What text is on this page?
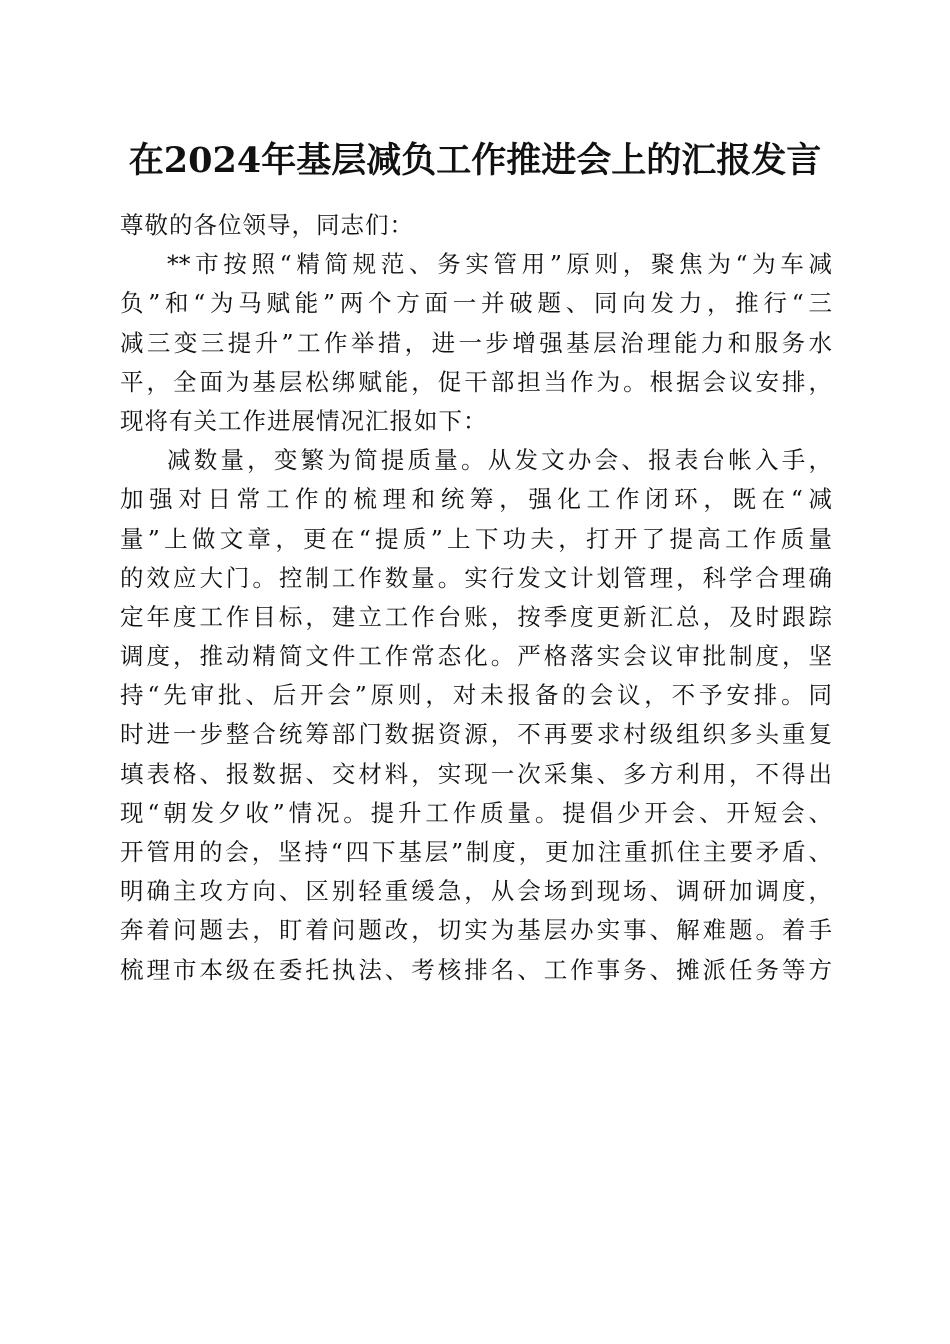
在2024年基层减负工作推进会上的汇报发言
尊敬的各位领导，同志们：
**市按照“精简规范、务实管用”原则，聚焦为“为车减
负”和“为马赋能”两个方面一并破题、同向发力，推行“三
减三变三提升”工作举措，进一步增强基层治理能力和服务水
平，全面为基层松绑赋能，促干部担当作为。根据会议安排，
现将有关工作进展情况汇报如下：
减数量，变繁为简提质量。从发文办会、报表台帐入手，
加强对日常工作的梳理和统筹，强化工作闭环，既在“减
量”上做文章，更在“提质”上下功夫，打开了提高工作质量
的效应大门。控制工作数量。实行发文计划管理，科学合理确
定年度工作目标，建立工作台账，按季度更新汇总，及时跟踪
调度，推动精简文件工作常态化。严格落实会议审批制度，坚
持“先审批、后开会”原则，对未报备的会议，不予安排。同
时进一步整合统筹部门数据资源，不再要求村级组织多头重复
填表格、报数据、交材料，实现一次采集、多方利用，不得出
现“朝发夕收”情况。提升工作质量。提倡少开会、开短会、
开管用的会，坚持“四下基层”制度，更加注重抓住主要矛盾、
明确主攻方向、区别轻重缓急，从会场到现场、调研加调度，
奔着问题去，盯着问题改，切实为基层办实事、解难题。着手
梳理市本级在委托执法、考核排名、工作事务、摊派任务等方
